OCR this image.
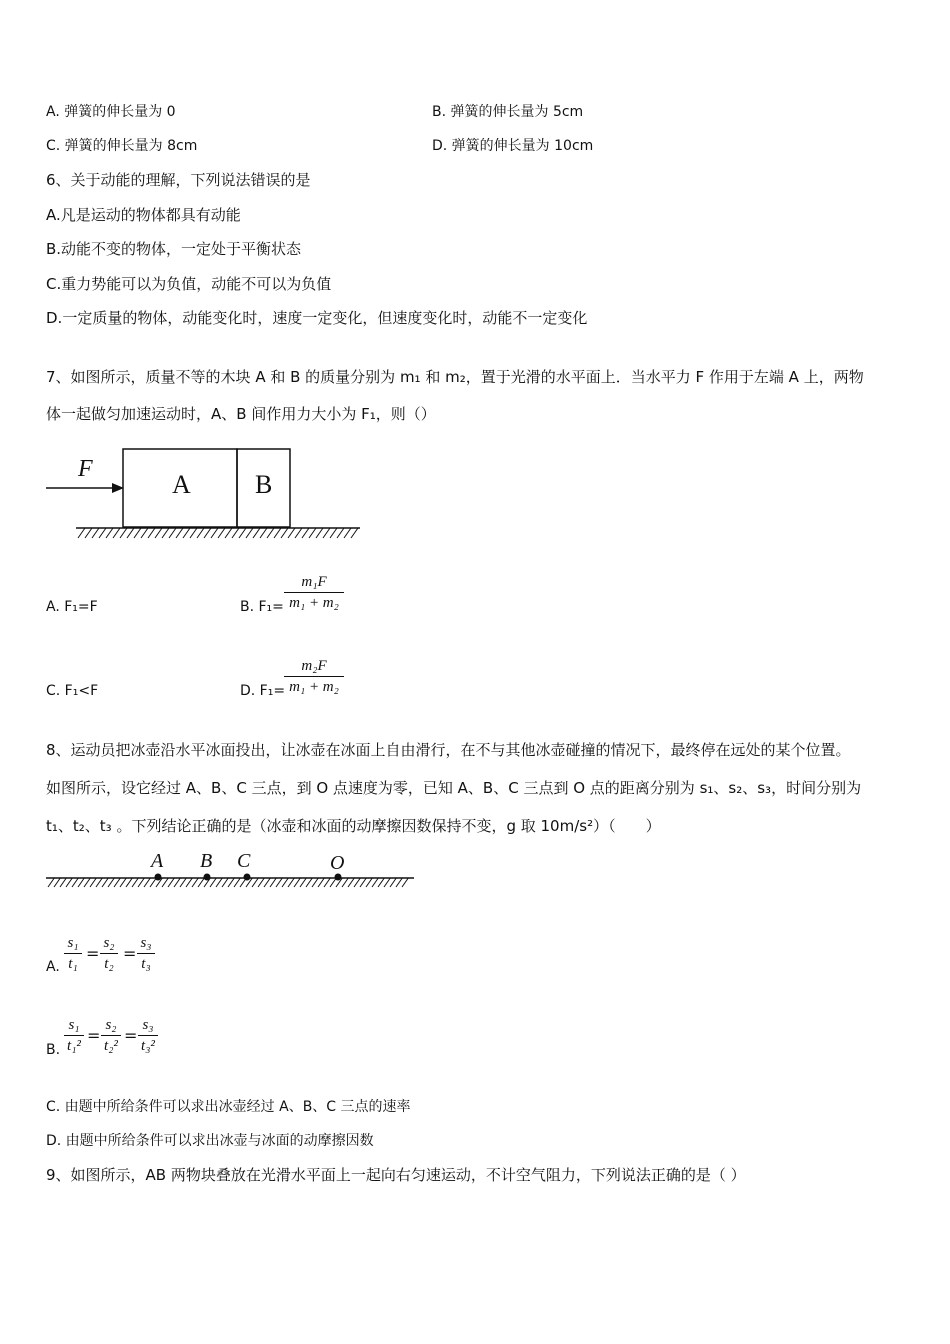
A. 弹簧的伸长量为 0	B. 弹簧的伸长量为 5cm
C. 弹簧的伸长量为 8cm	D. 弹簧的伸长量为 10cm
6、关于动能的理解，下列说法错误的是
A.凡是运动的物体都具有动能
B.动能不变的物体，一定处于平衡状态
C.重力势能可以为负值，动能不可以为负值
D.一定质量的物体，动能变化时，速度一定变化，但速度变化时，动能不一定变化
7、如图所示，质量不等的木块 A 和 B 的质量分别为 m₁ 和 m₂，置于光滑的水平面上．当水平力 F 作用于左端 A 上，两物
体一起做匀加速运动时，A、B 间作用力大小为 F₁，则（）
F
A B
A. F₁=F	B. F₁=
m₁F
m₁ + m₂
C. F₁<F	D. F₁=
m₂F
m₁ + m₂
8、运动员把冰壶沿水平冰面投出，让冰壶在冰面上自由滑行，在不与其他冰壶碰撞的情况下，最终停在远处的某个位置。
如图所示，设它经过 A、B、C 三点，到 O 点速度为零，已知 A、B、C 三点到 O 点的距离分别为 s₁、s₂、s₃，时间分别为
t₁、t₂、t₃ 。下列结论正确的是（冰壶和冰面的动摩擦因数保持不变，g 取 10m/s²）（　　）
A B C	O
A.
s₁
t₁
=
s₂
t₂
=
s₃
t₃
B.
s₁
t₁²
=
s₂
t₂²
=
s₃
t₃²
C. 由题中所给条件可以求出冰壶经过 A、B、C 三点的速率
D. 由题中所给条件可以求出冰壶与冰面的动摩擦因数
9、如图所示，AB 两物块叠放在光滑水平面上一起向右匀速运动，不计空气阻力，下列说法正确的是（ ）
